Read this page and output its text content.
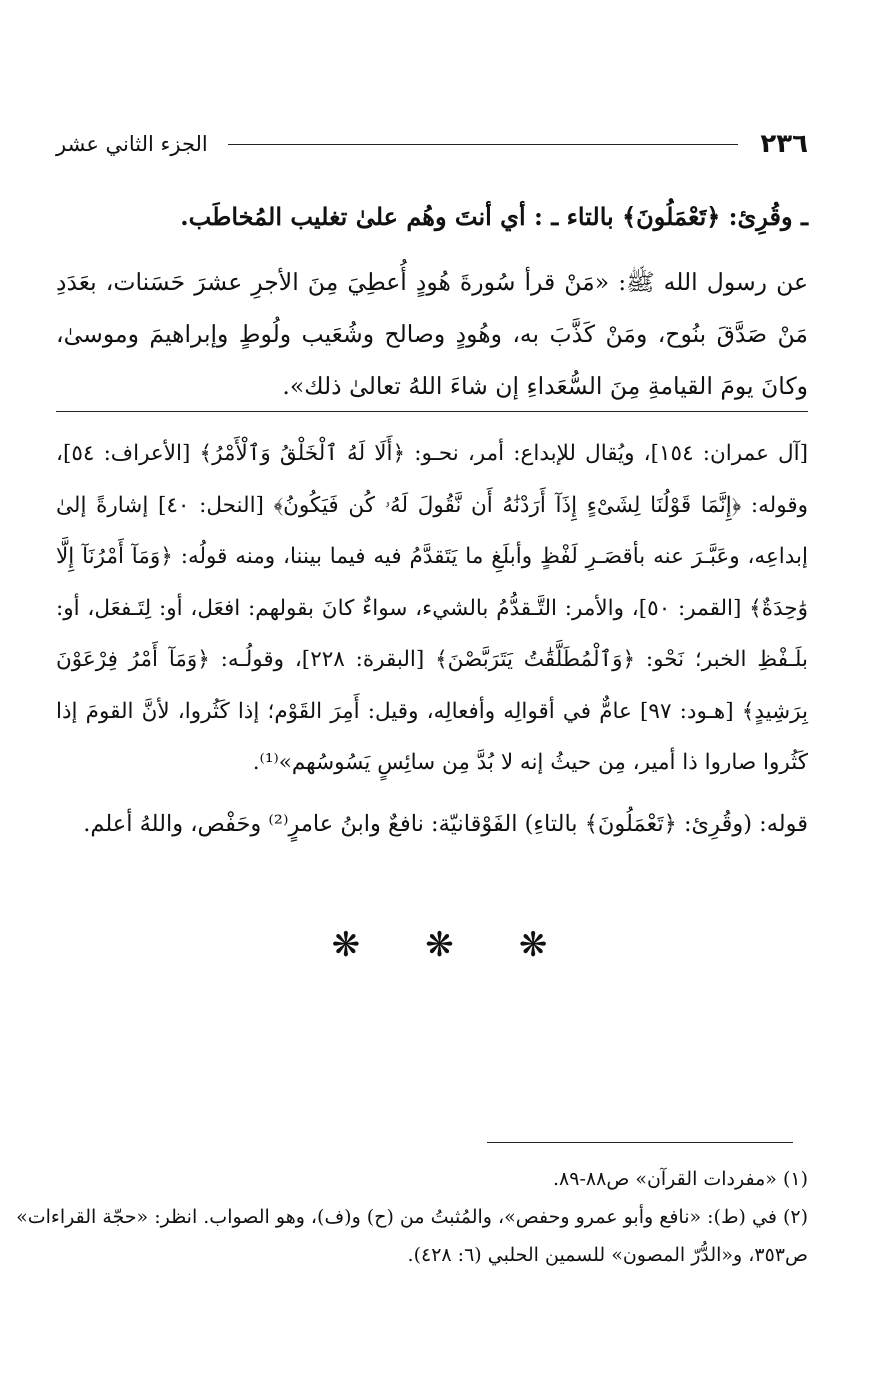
٢٣٦
الجزء الثاني عشر

ـ وقُرِئ: ﴿تَعْمَلُونَ﴾ بالتاء ـ : أي أنتَ وهُم علىٰ تغليب المُخاطَب.

عن رسول الله ﷺ: «مَنْ قرأ سُورةَ هُودٍ أُعطِيَ مِنَ الأجرِ عشرَ حَسَنات، بعَدَدِ مَنْ صَدَّقَ بنُوح، ومَنْ كَذَّبَ به، وهُودٍ وصالح وشُعَيب ولُوطٍ وإبراهيمَ وموسىٰ، وكانَ يومَ القيامةِ مِنَ السُّعَداءِ إن شاءَ اللهُ تعالىٰ ذلك».

[آل عمران: ١٥٤]، ويُقال للإبداع: أمر، نحـو: ﴿أَلَا لَهُ ٱلْخَلْقُ وَٱلْأَمْرُ﴾ [الأعراف: ٥٤]، وقوله: ﴿إِنَّمَا قَوْلُنَا لِشَىْءٍ إِذَآ أَرَدْنَٰهُ أَن نَّقُولَ لَهُۥ كُن فَيَكُونُ﴾ [النحل: ٤٠] إشارةً إلىٰ إبداعِه، وعَبَّـرَ عنه بأقصَـرِ لَفْظٍ وأبلَغِ ما يَتَقدَّمُ فيه فيما بيننا، ومنه قولُه: ﴿وَمَآ أَمْرُنَآ إِلَّا وَٰحِدَةٌ﴾ [القمر: ٥٠]، والأمر: التَّـقدُّمُ بالشيء، سواءٌ كانَ بقولهم: افعَل، أو: لِتَـفعَل، أو: بلَـفْظِ الخبر؛ نَحْو: ﴿وَٱلْمُطَلَّقَٰتُ يَتَرَبَّصْنَ﴾ [البقرة: ٢٢٨]، وقولُـه: ﴿وَمَآ أَمْرُ فِرْعَوْنَ بِرَشِيدٍ﴾ [هـود: ٩٧] عامٌّ في أقوالِه وأفعالِه، وقيل: أَمِرَ القَوْم؛ إذا كَثُروا، لأنَّ القومَ إذا كَثُروا صاروا ذا أمير، مِن حيثُ إنه لا بُدَّ مِن سائِسٍ يَسُوسُهم»⁽¹⁾.

قوله: (وقُرِئ: ﴿تَعْمَلُونَ﴾ بالتاءِ) الفَوْقانيّة: نافعٌ وابنُ عامرٍ⁽²⁾ وحَفْص، واللهُ أعلم.

❋ ❋ ❋
(١) «مفردات القرآن» ص٨٨-٨٩.
(٢) في (ط): «نافع وأبو عمرو وحفص»، والمُثبتُ من (ح) و(ف)، وهو الصواب. انظر: «حجّة القراءات»
ص٣٥٣، و«الدُّرّ المصون» للسمين الحلبي (٦: ٤٢٨).
